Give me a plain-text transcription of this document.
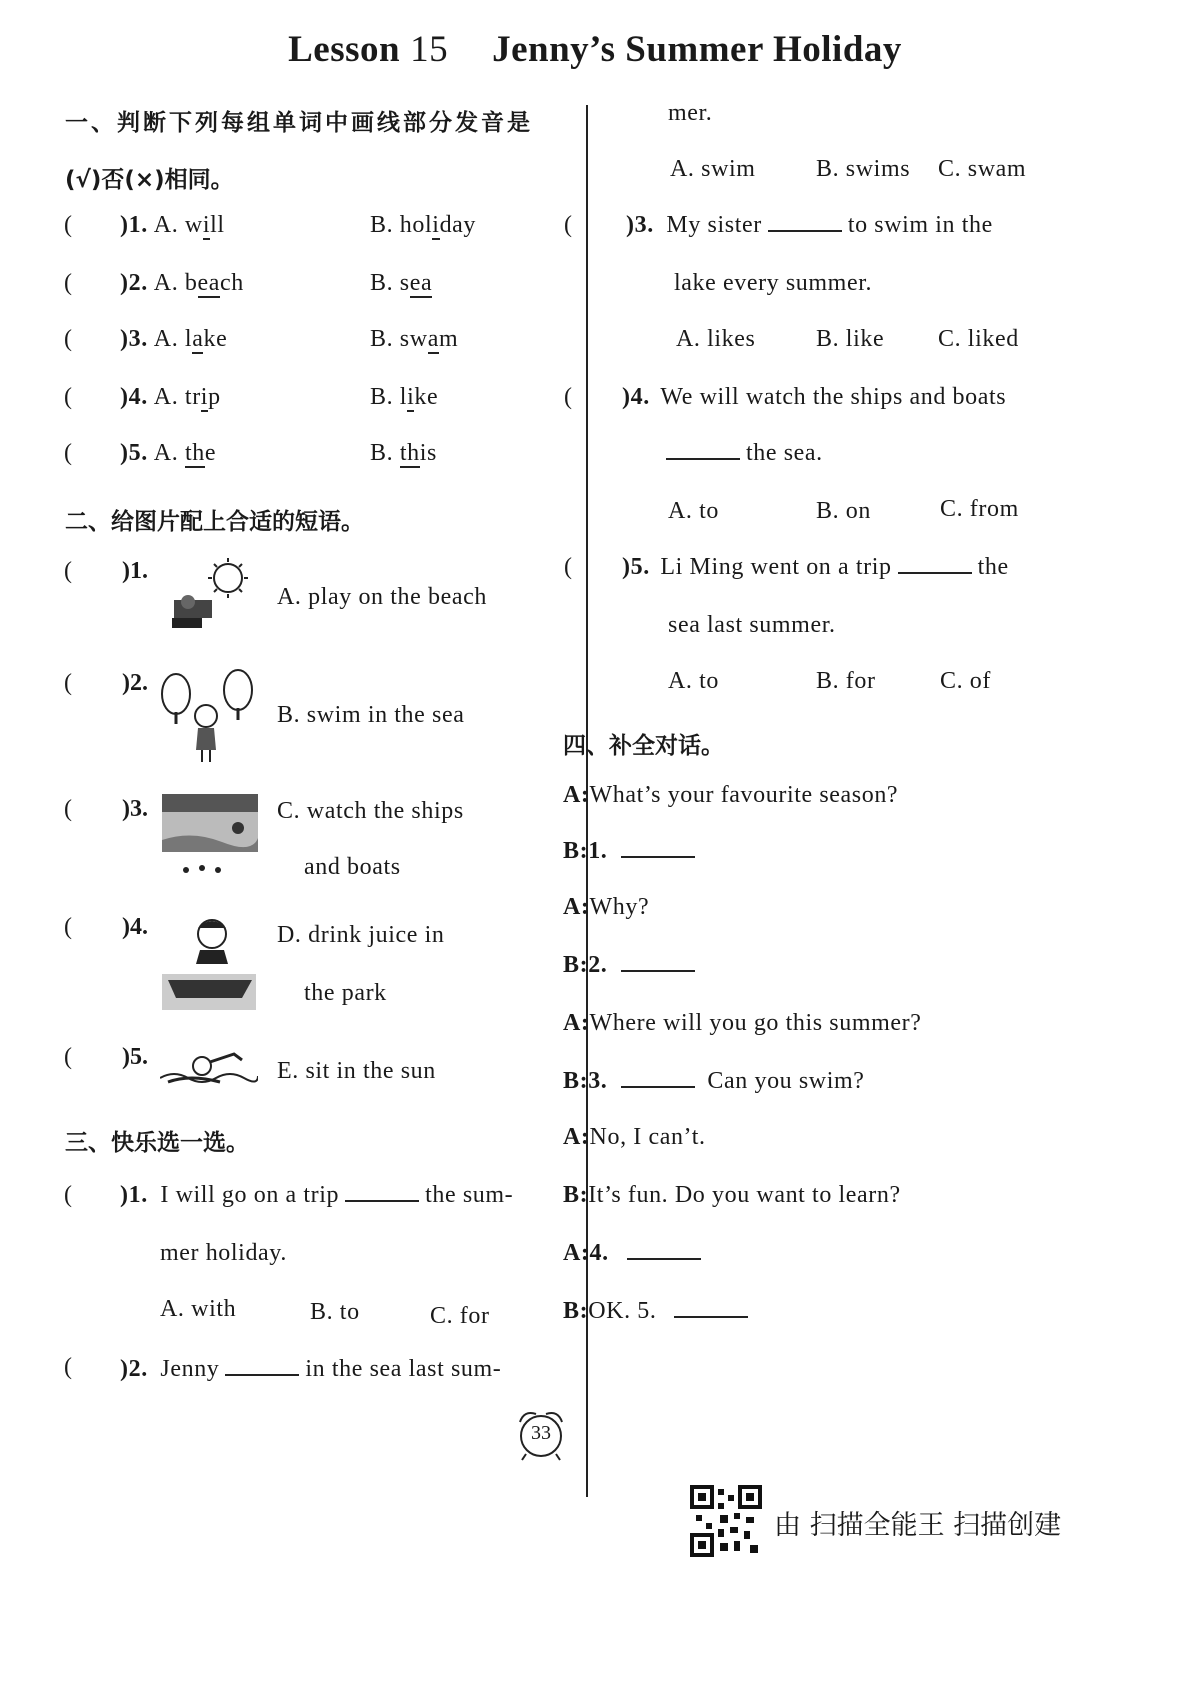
Lesson 15 Jenny’s Summer Holiday
一、判断下列每组单词中画线部分发音是
(√)否(×)相同。
( )1. A. will	B. holiday
( )2. A. beach	B. sea
( )3. A. lake	B. swam
( )4. A. trip	B. like
( )5. A. the	B. this
二、给图片配上合适的短语。
( )1.
( )2.
( )3.
( )4.
( )5.
A. play on the beach
B. swim in the sea
C. watch the ships
and boats
D. drink juice in
the park
E. sit in the sun
三、快乐选一选。
( )1. I will go on a trip	the sum-
mer holiday.
A. with	B. to	C. for
( )2. Jenny	in the sea last sum-
mer.
A. swim	B. swims C. swam
( )3. My sister	to swim in the
lake every summer.
A. likes	B. like C. liked
( )4. We will watch the ships and boats
the sea.
A. to	B. on	C. from
( )5. Li Ming went on a trip	the
sea last summer.
A. to	B. for	C. of
四、补全对话。
A:What’s your favourite season?
B:1.
A:Why?
B:2.
A:Where will you go this summer?
B:3.	Can you swim?
A:No, I can’t.
B:It’s fun. Do you want to learn?
A:4.
B:OK. 5.
33
由 扫描全能王 扫描创建
